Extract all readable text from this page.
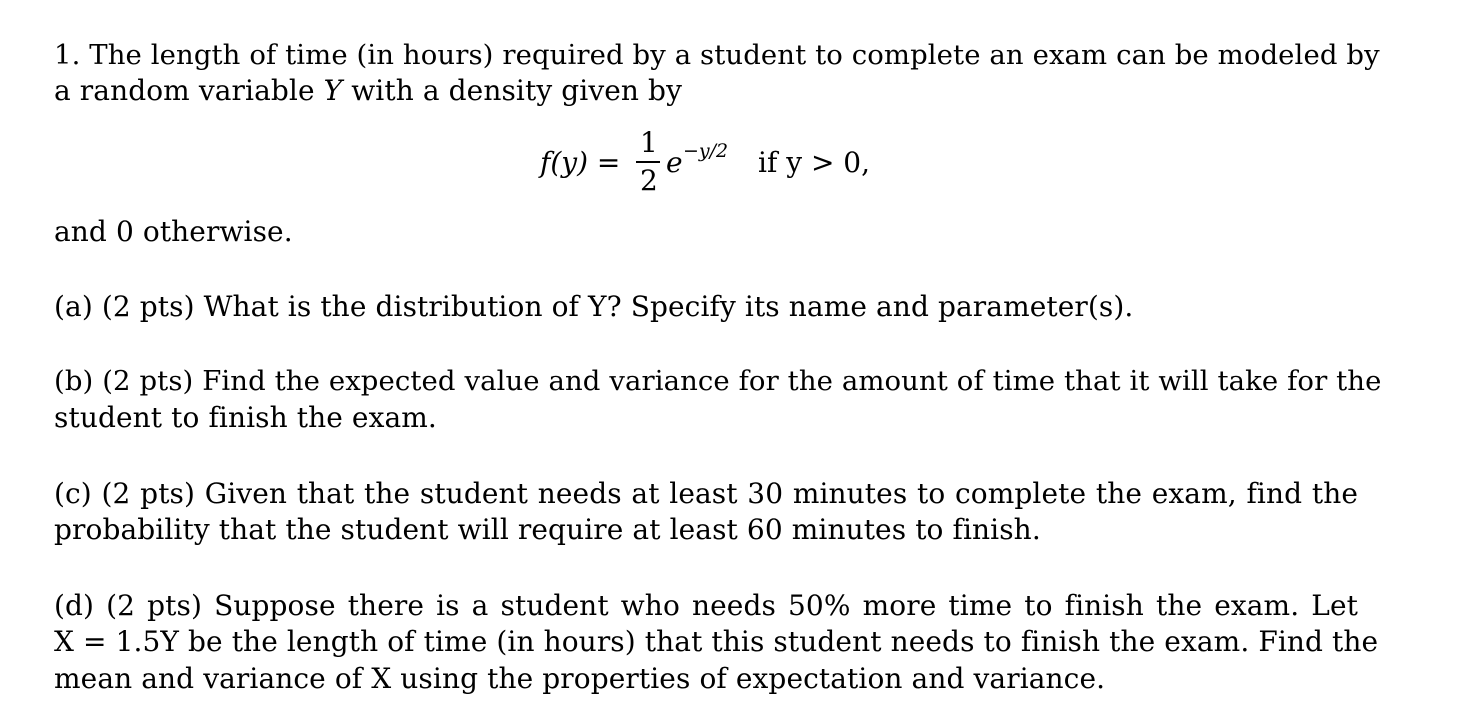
1. The length of time (in hours) required by a student to complete an exam can be modeled by
a random variable Y with a density given by
f(y) =
1
2
e −y/2 if y > 0,
and 0 otherwise.
(a) (2 pts) What is the distribution of Y? Specify its name and parameter(s).
(b) (2 pts) Find the expected value and variance for the amount of time that it will take for the
student to finish the exam.
(c) (2 pts) Given that the student needs at least 30 minutes to complete the exam, find the
probability that the student will require at least 60 minutes to finish.
(d) (2 pts) Suppose there is a student who needs 50% more time to finish the exam. Let
X = 1.5Y be the length of time (in hours) that this student needs to finish the exam. Find the
mean and variance of X using the properties of expectation and variance.
